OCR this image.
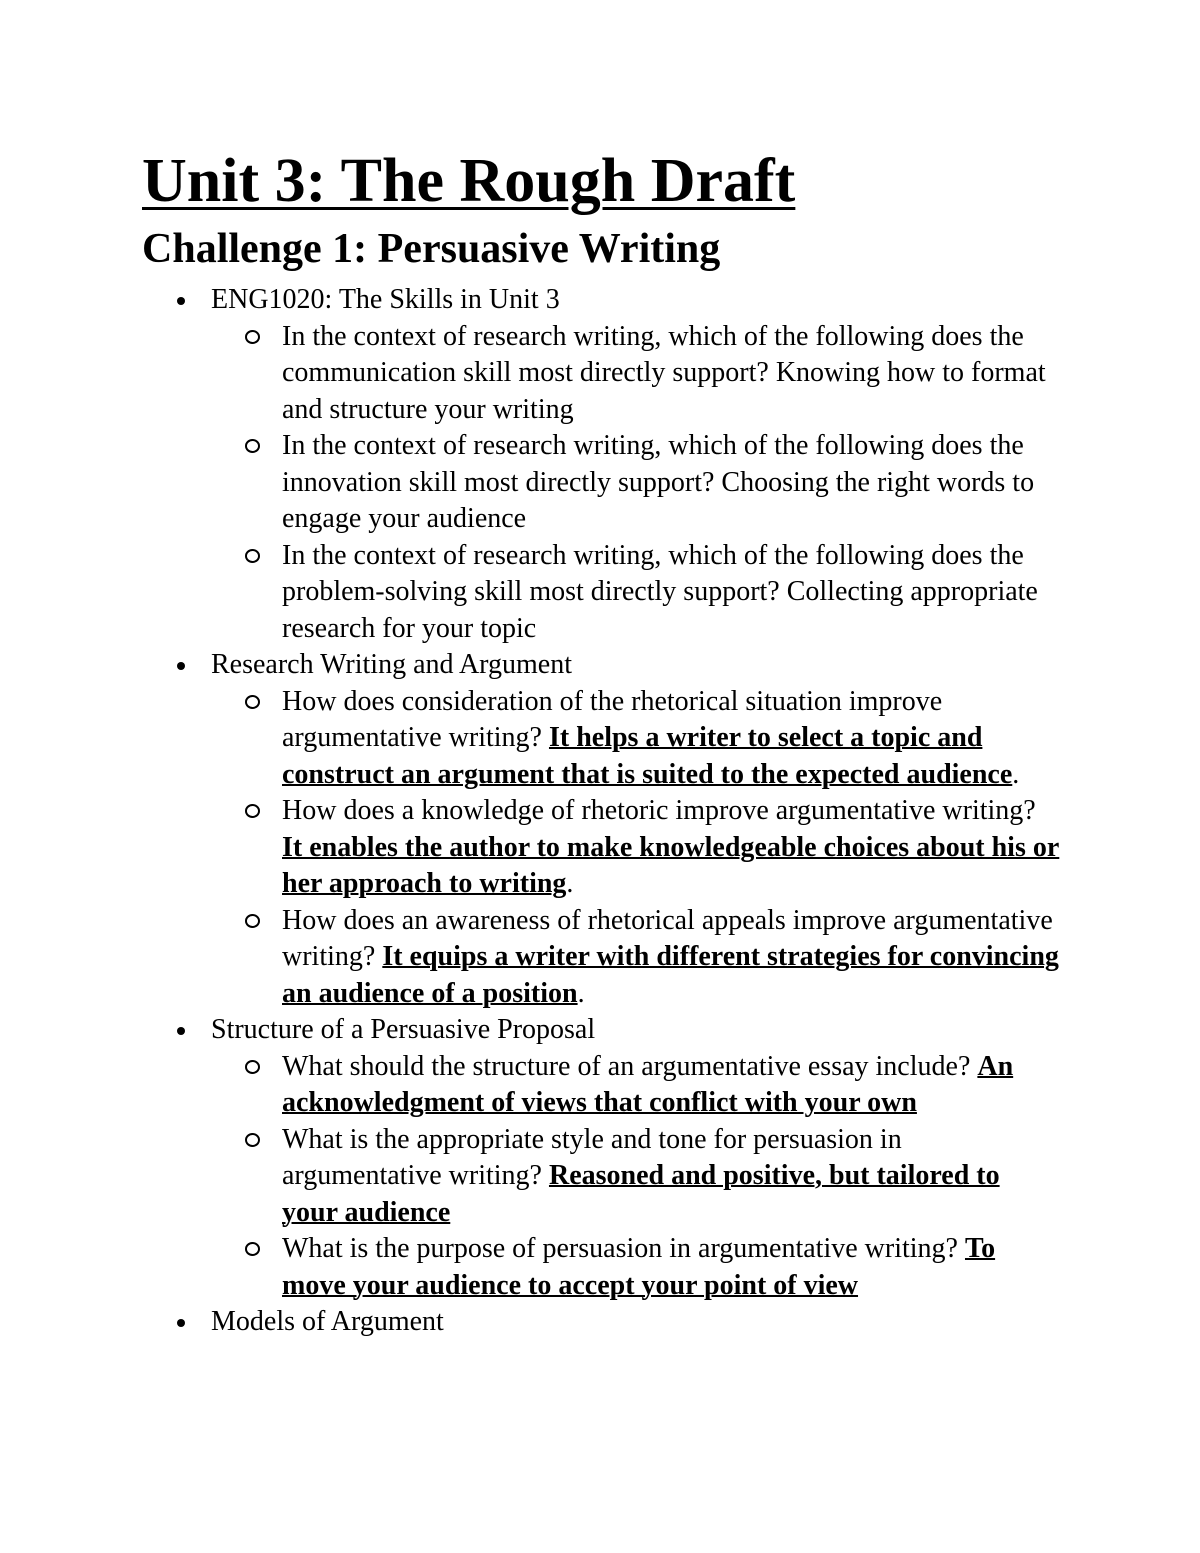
Unit 3: The Rough Draft
Challenge 1: Persuasive Writing
ENG1020: The Skills in Unit 3
In the context of research writing, which of the following does the communication skill most directly support? Knowing how to format and structure your writing
In the context of research writing, which of the following does the innovation skill most directly support? Choosing the right words to engage your audience
In the context of research writing, which of the following does the problem-solving skill most directly support? Collecting appropriate research for your topic
Research Writing and Argument
How does consideration of the rhetorical situation improve argumentative writing? It helps a writer to select a topic and construct an argument that is suited to the expected audience.
How does a knowledge of rhetoric improve argumentative writing? It enables the author to make knowledgeable choices about his or her approach to writing.
How does an awareness of rhetorical appeals improve argumentative writing? It equips a writer with different strategies for convincing an audience of a position.
Structure of a Persuasive Proposal
What should the structure of an argumentative essay include? An acknowledgment of views that conflict with your own
What is the appropriate style and tone for persuasion in argumentative writing? Reasoned and positive, but tailored to your audience
What is the purpose of persuasion in argumentative writing? To move your audience to accept your point of view
Models of Argument
